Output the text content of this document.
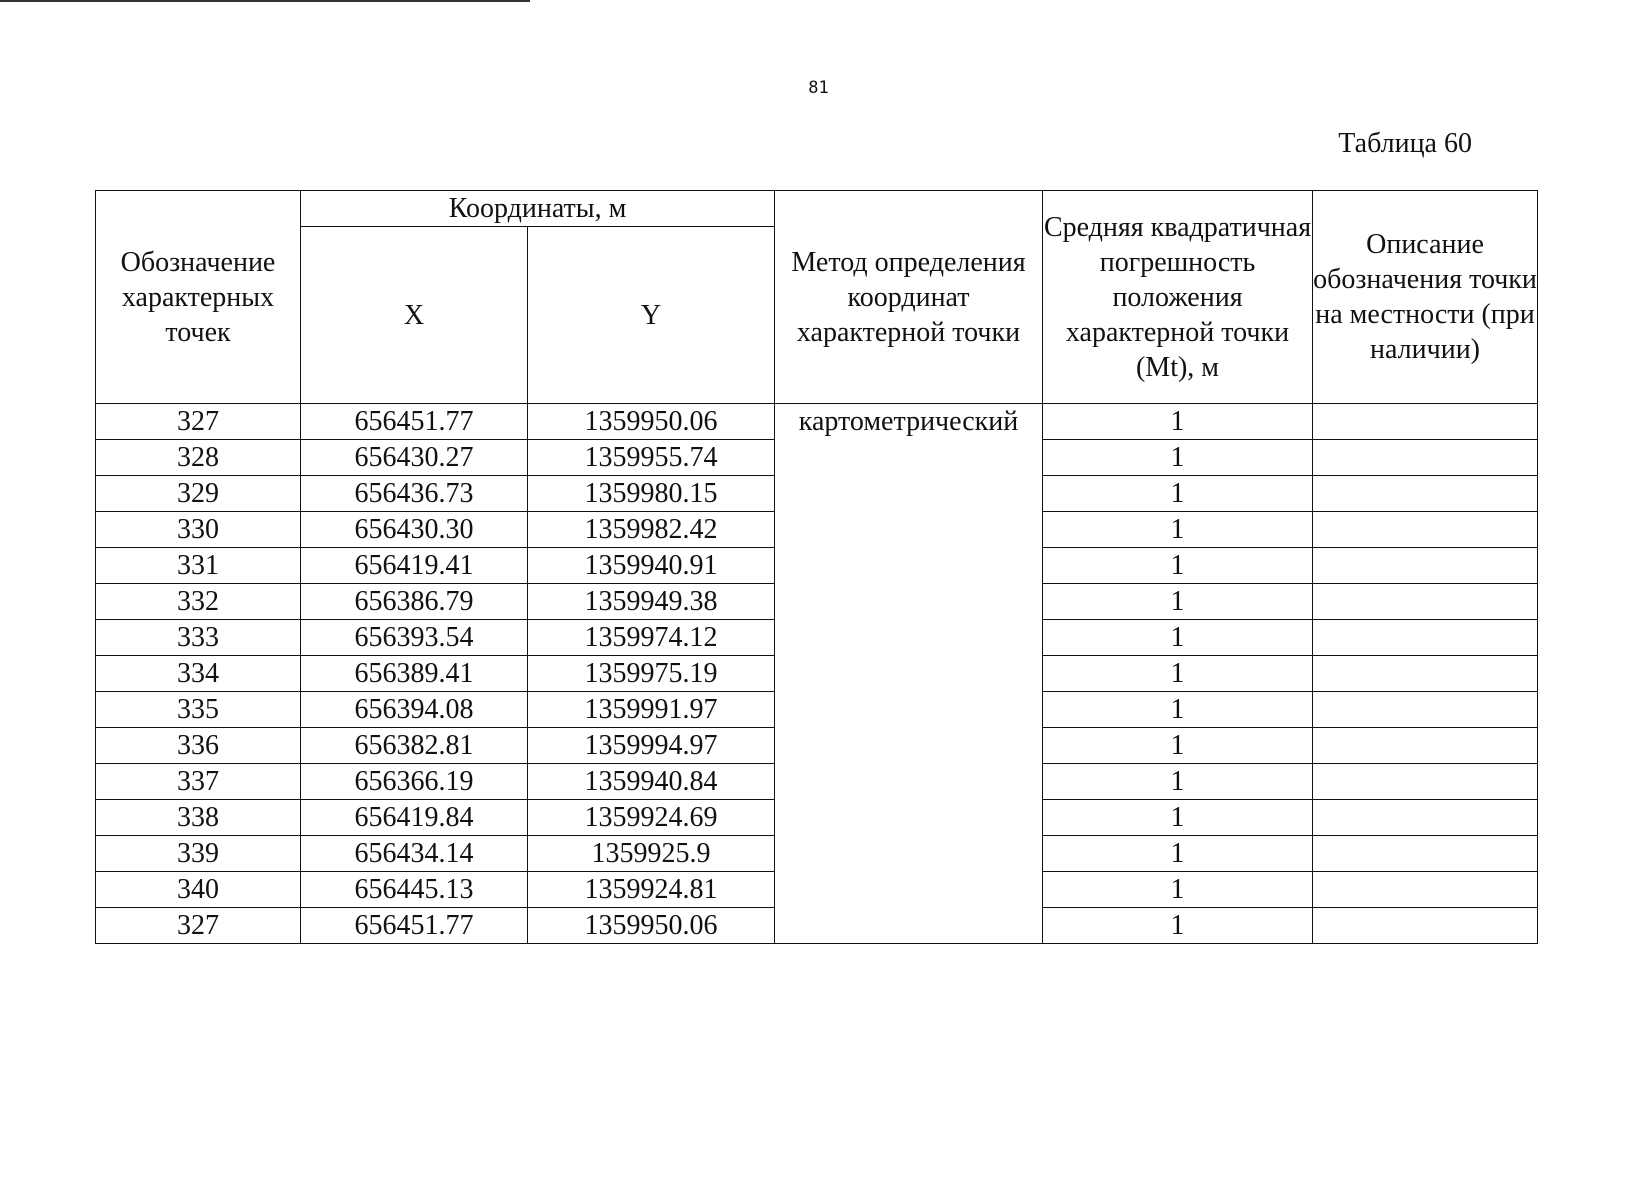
81
Таблица 60
Обозначение характерных точек	Координаты, м		Метод определения координат характерной точки	Средняя квадратичная погрешность положения характерной точки (Mt), м	Описание обозначения точки на местности (при наличии)
	X	Y			
327	656451.77	1359950.06	картометрический	1	
328	656430.27	1359955.74		1	
329	656436.73	1359980.15		1	
330	656430.30	1359982.42		1	
331	656419.41	1359940.91		1	
332	656386.79	1359949.38		1	
333	656393.54	1359974.12		1	
334	656389.41	1359975.19		1	
335	656394.08	1359991.97		1	
336	656382.81	1359994.97		1	
337	656366.19	1359940.84		1	
338	656419.84	1359924.69		1	
339	656434.14	1359925.9		1	
340	656445.13	1359924.81		1	
327	656451.77	1359950.06		1	
